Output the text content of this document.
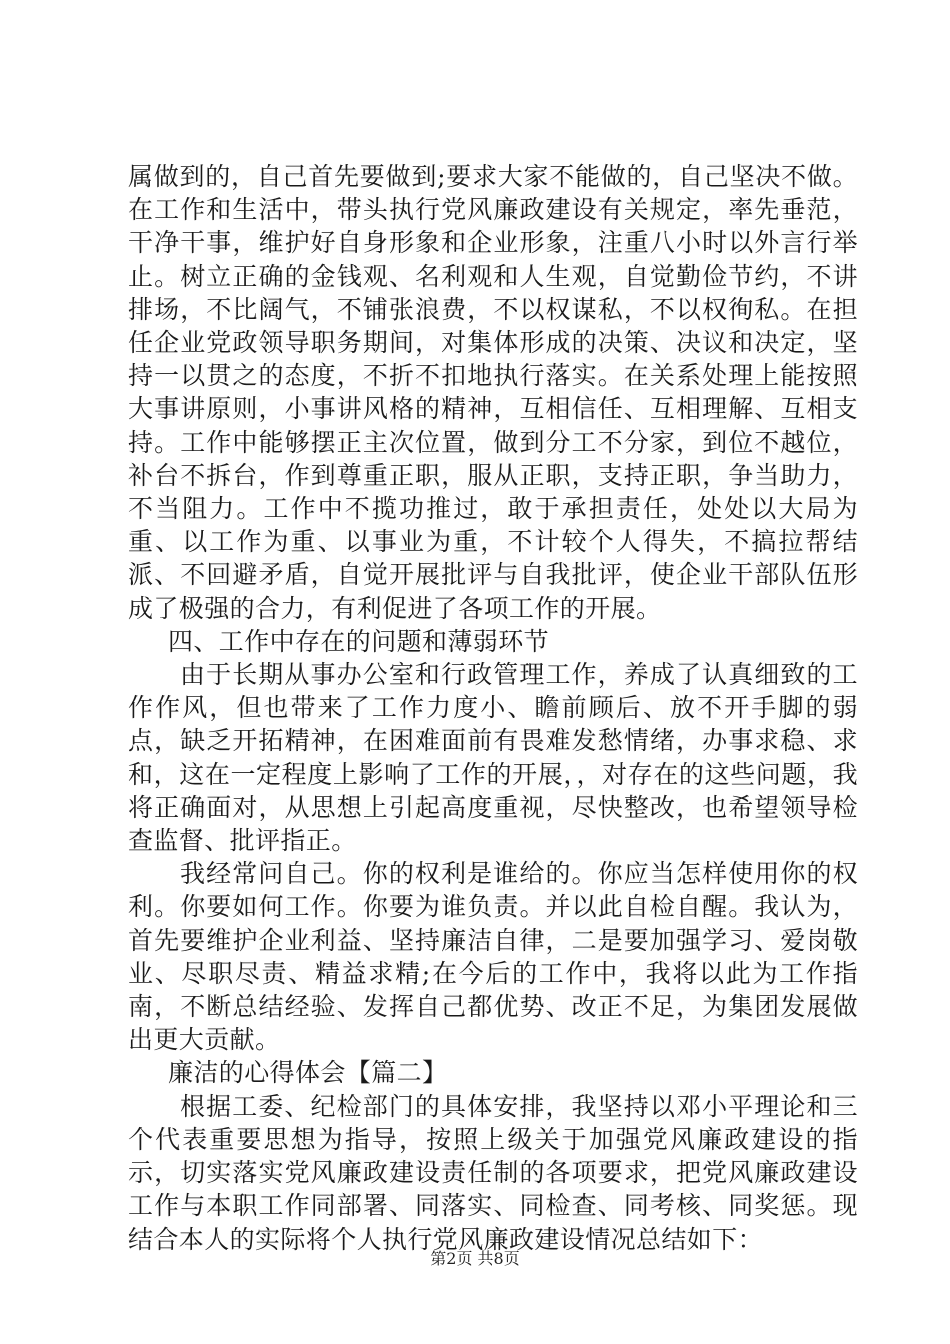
属做到的，自己首先要做到;要求大家不能做的，自己坚决不做。在工作和生活中，带头执行党风廉政建设有关规定，率先垂范，干净干事，维护好自身形象和企业形象，注重八小时以外言行举止。树立正确的金钱观、名利观和人生观，自觉勤俭节约，不讲排场，不比阔气，不铺张浪费，不以权谋私，不以权徇私。在担任企业党政领导职务期间，对集体形成的决策、决议和决定，坚持一以贯之的态度，不折不扣地执行落实。在关系处理上能按照大事讲原则，小事讲风格的精神，互相信任、互相理解、互相支持。工作中能够摆正主次位置，做到分工不分家，到位不越位，补台不拆台，作到尊重正职，服从正职，支持正职，争当助力，不当阻力。工作中不揽功推过，敢于承担责任，处处以大局为重、以工作为重、以事业为重，不计较个人得失，不搞拉帮结派、不回避矛盾，自觉开展批评与自我批评，使企业干部队伍形成了极强的合力，有利促进了各项工作的开展。

四、工作中存在的问题和薄弱环节

由于长期从事办公室和行政管理工作，养成了认真细致的工作作风，但也带来了工作力度小、瞻前顾后、放不开手脚的弱点，缺乏开拓精神，在困难面前有畏难发愁情绪，办事求稳、求和，这在一定程度上影响了工作的开展，，对存在的这些问题，我将正确面对，从思想上引起高度重视，尽快整改，也希望领导检查监督、批评指正。

我经常问自己。你的权利是谁给的。你应当怎样使用你的权利。你要如何工作。你要为谁负责。并以此自检自醒。我认为，首先要维护企业利益、坚持廉洁自律，二是要加强学习、爱岗敬业、尽职尽责、精益求精;在今后的工作中，我将以此为工作指南，不断总结经验、发挥自己都优势、改正不足，为集团发展做出更大贡献。

廉洁的心得体会【篇二】

根据工委、纪检部门的具体安排，我坚持以邓小平理论和三个代表重要思想为指导，按照上级关于加强党风廉政建设的指示，切实落实党风廉政建设责任制的各项要求，把党风廉政建设工作与本职工作同部署、同落实、同检查、同考核、同奖惩。现结合本人的实际将个人执行党风廉政建设情况总结如下：

第2页 共8页
